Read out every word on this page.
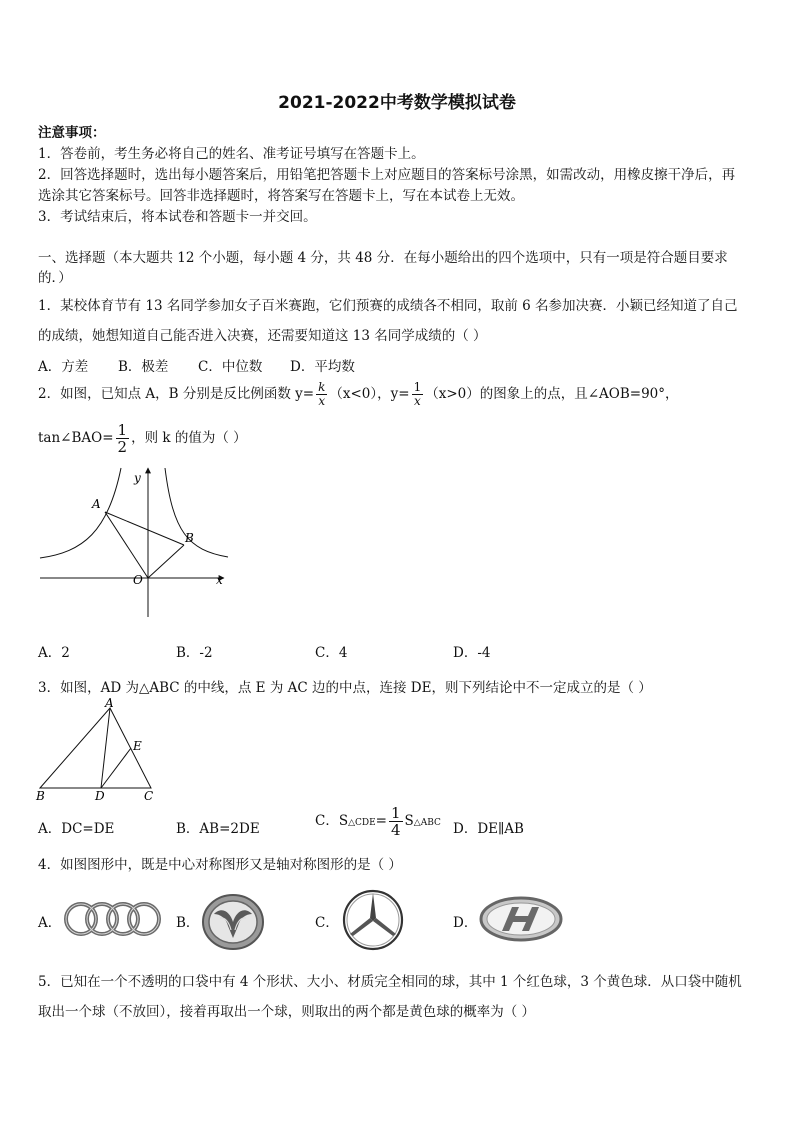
2021-2022中考数学模拟试卷
注意事项：
1．答卷前，考生务必将自己的姓名、准考证号填写在答题卡上。
2．回答选择题时，选出每小题答案后，用铅笔把答题卡上对应题目的答案标号涂黑，如需改动，用橡皮擦干净后，再
选涂其它答案标号。回答非选择题时，将答案写在答题卡上，写在本试卷上无效。
3．考试结束后，将本试卷和答题卡一并交回。
一、选择题（本大题共 12 个小题，每小题 4 分，共 48 分．在每小题给出的四个选项中，只有一项是符合题目要求
的．）
1．某校体育节有 13 名同学参加女子百米赛跑，它们预赛的成绩各不相同，取前 6 名参加决赛．小颖已经知道了自己
的成绩，她想知道自己能否进入决赛，还需要知道这 13 名同学成绩的（ ）
A．方差 B．极差 C．中位数 D．平均数
2．如图，已知点 A，B 分别是反比例函数 $y= \frac{k}{x} (x<0)$，$y= \frac{1}{x} (x>0)$的图象上的点，且∠AOB=90°，
tan∠BAO= $\frac{1}{2}$ ，则 k 的值为（ ）
y
x
O
A
B
A．2	B．-2	C．4	D．-4
3．如图，AD 为△ABC 的中线，点 E 为 AC 边的中点，连接 DE，则下列结论中不一定成立的是（ ）
A
B	C
D
E
A．DC=DE	B．AB=2DE	C．S△CDE= $\frac{1}{4}$ S△ABC D．DE∥AB
4．如图图形中，既是中心对称图形又是轴对称图形的是（ ）
A．	B．	C．	D．
5．已知在一个不透明的口袋中有 4 个形状、大小、材质完全相同的球，其中 1 个红色球，3 个黄色球．从口袋中随机
取出一个球（不放回），接着再取出一个球，则取出的两个都是黄色球的概率为（ ）
